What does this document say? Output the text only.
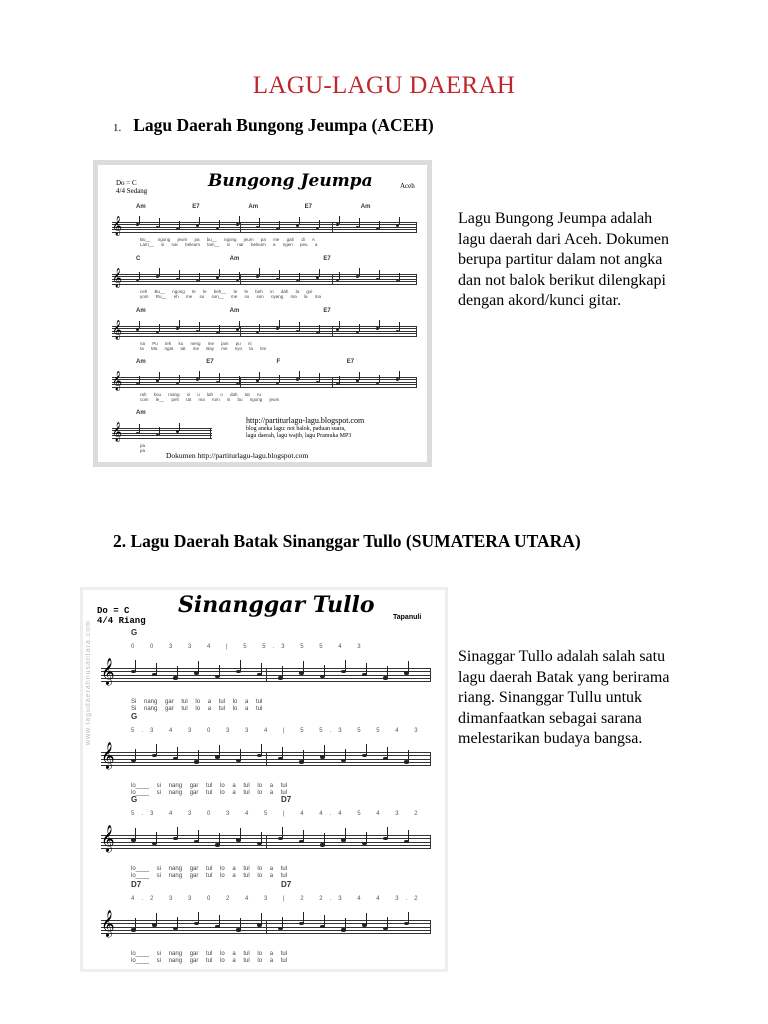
LAGU-LAGU DAERAH
1. Lagu Daerah Bungong Jeumpa (ACEH)
Bungong Jeumpa
Do = C
4/4 Sedang
Aceh
http://partiturlagu-lagu.blogspot.com
blog aneka lagu: not balok, paduan suara,
lagu daerah, lagu wajib, lagu Pramuka MP3
Dokumen http://partiturlagu-lagu.blogspot.com
𝄞
Am	E7	Am	E7	Am
Bu__ ngong jeum pa bu__ ngong jeum pa me gah di A
Lam__ si nar beleum lam__ si nar beleum a ngen peu a
𝄞
C	Am	E7
ceh Bu__ ngong te le beh__ te le beh in dah la goi
yom Ru__ eh me su son__ me su son nyang ma la ma
𝄞
Am	Am	E7
na Pu teh ku neng me jam pu ni
ta Ma ngat tat me Bay me nyo ta tim
𝄞
Am	E7	F	E7
rah kou mang si u lah o dah tat ru
com le__ peh tat ma rum si bu ngong jeum
𝄞
Am
pa
pa
Lagu Bungong Jeumpa adalah lagu daerah dari Aceh. Dokumen berupa partitur dalam not angka dan not balok berikut dilengkapi dengan akord/kunci gitar.
2. Lagu Daerah Batak Sinanggar Tullo (SUMATERA UTARA)
www.lagudaerahnusantara.com
Sinanggar Tullo
Do = C
4/4 Riang	Tapanuli
𝄞
G
0 0 3 3 4 | 5 5.3 5 5 4 3
Si nang gar tul lo a tul lo a tul
Si nang gar tul lo a tul lo a tul
𝄞
G
5.3 4 3 0 3 3 4 | 5 5.3 5 5 4 3
lo____ si nang gar tul lo a tul lo a tul
lo____ si nang gar tul lo a tul lo a tul
𝄞
G	D7
5.3 4 3 0 3 4 5 | 4 4.4 5 4 3 2
lo____ si nang gar tul lo a tul lo a tul
lo____ si nang gar tul lo a tul lo a tul
𝄞
D7	D7
4.2 3 3 0 2 4 3 | 2 2.3 4 4 3.2
lo____ si nang gar tul lo a tul lo a tul
lo____ si nang gar tul lo a tul lo a tul
Sinaggar Tullo adalah salah satu lagu daerah Batak yang berirama riang. Sinanggar Tullu untuk dimanfaatkan sebagai sarana melestarikan budaya bangsa.
